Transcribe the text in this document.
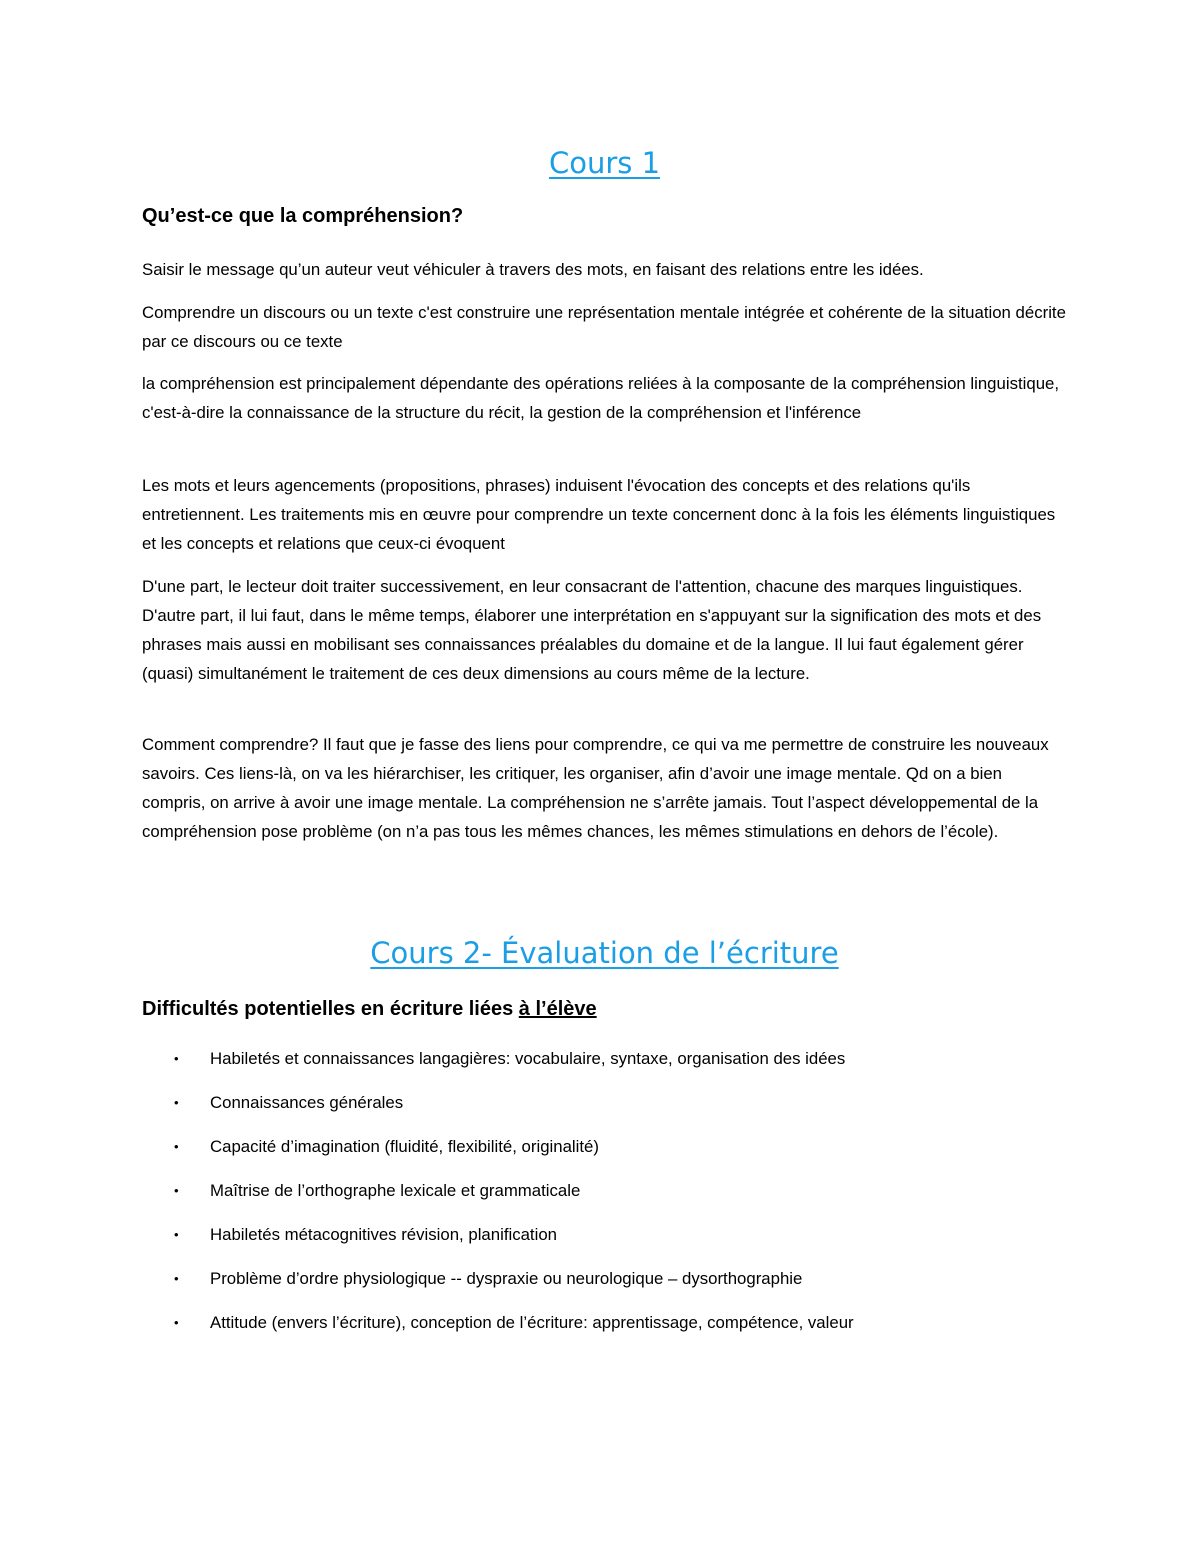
Cours 1
Qu’est-ce que la compréhension?

Saisir le message qu’un auteur veut véhiculer à travers des mots, en faisant des relations entre les idées.

Comprendre un discours ou un texte c'est construire une représentation mentale intégrée et cohérente de la situation décrite par ce discours ou ce texte

la compréhension est principalement dépendante des opérations reliées à la composante de la compréhension linguistique, c'est-à-dire la connaissance de la structure du récit, la gestion de la compréhension et l'inférence

Les mots et leurs agencements (propositions, phrases) induisent l'évocation des concepts et des relations qu'ils entretiennent. Les traitements mis en œuvre pour comprendre un texte concernent donc à la fois les éléments linguistiques et les concepts et relations que ceux-ci évoquent

D'une part, le lecteur doit traiter successivement, en leur consacrant de l'attention, chacune des marques linguistiques. D'autre part, il lui faut, dans le même temps, élaborer une interprétation en s'appuyant sur la signification des mots et des phrases mais aussi en mobilisant ses connaissances préalables du domaine et de la langue. Il lui faut également gérer (quasi) simultanément le traitement de ces deux dimensions au cours même de la lecture.

Comment comprendre? Il faut que je fasse des liens pour comprendre, ce qui va me permettre de construire les nouveaux savoirs. Ces liens-là, on va les hiérarchiser, les critiquer, les organiser, afin d’avoir une image mentale. Qd on a bien compris, on arrive à avoir une image mentale. La compréhension ne s’arrête jamais. Tout l’aspect développemental de la compréhension pose problème (on n’a pas tous les mêmes chances, les mêmes stimulations en dehors de l’école).

Cours 2- Évaluation de l’écriture
Difficultés potentielles en écriture liées à l’élève
• Habiletés et connaissances langagières: vocabulaire, syntaxe, organisation des idées
• Connaissances générales
• Capacité d’imagination (fluidité, flexibilité, originalité)
• Maîtrise de l’orthographe lexicale et grammaticale
• Habiletés métacognitives révision, planification
• Problème d’ordre physiologique -- dyspraxie ou neurologique – dysorthographie
• Attitude (envers l’écriture), conception de l’écriture: apprentissage, compétence, valeur
